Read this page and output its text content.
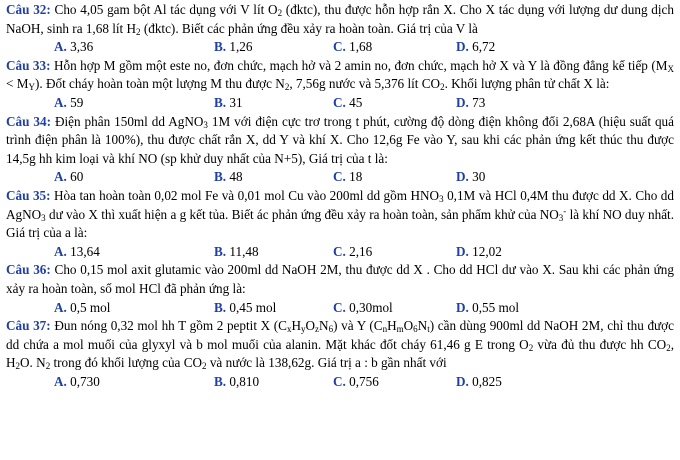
Câu 32: Cho 4,05 gam bột Al tác dụng với V lít $O_2$ (đktc), thu được hỗn hợp rắn X. Cho X tác dụng với lượng dư dung dịch NaOH, sinh ra 1,68 lít $H_2$ (đktc). Biết các phản ứng đều xảy ra hoàn toàn. Giá trị của V là

A. 3,36	B. 1,26	C. 1,68	D. 6,72

Câu 33: Hỗn hợp M gồm một este no, đơn chức, mạch hở và 2 amin no, đơn chức, mạch hở X và Y là đồng đẳng kế tiếp $(M_X < M_Y)$. Đốt cháy hoàn toàn một lượng M thu được $N_2$, 7,56g nước và 5,376 lít $CO_2$. Khối lượng phân tử chất X là:

A. 59	B. 31	C. 45	D. 73

Câu 34: Điện phân 150ml dd AgNO$_3$ 1M với điện cực trơ trong t phút, cường độ dòng điện không đổi 2,68A (hiệu suất quá trình điện phân là 100%), thu được chất rắn X, dd Y và khí X. Cho 12,6g Fe vào Y, sau khi các phản ứng kết thúc thu được 14,5g hh kim loại và khí NO (sp khử duy nhất của N+5), Giá trị của t là:

A. 60	B. 48	C. 18	D. 30

Câu 35: Hòa tan hoàn toàn 0,02 mol Fe và 0,01 mol Cu vào 200ml dd gồm $HNO_3$ 0,1M và HCl 0,4M thu được dd X. Cho dd AgNO$_3$ dư vào X thì xuất hiện a g kết tủa. Biết ác phản ứng đều xảy ra hoàn toàn, sản phẩm khử của $NO_3^-$ là khí NO duy nhất. Giá trị của a là:

A. 13,64	B. 11,48	C. 2,16	D. 12,02

Câu 36: Cho 0,15 mol axit glutamic vào 200ml dd NaOH 2M, thu được dd X . Cho dd HCl dư vào X. Sau khi các phản ứng xảy ra hoàn toàn, số mol HCl đã phản ứng là:

A. 0,5 mol	B. 0,45 mol	C. 0,30mol	D. 0,55 mol

Câu 37: Đun nóng 0,32 mol hh T gồm 2 peptit X $(C_xH_yO_zN_6)$ và Y $(C_nH_mO_6N_t)$ cần dùng 900ml dd NaOH 2M, chỉ thu được dd chứa a mol muối của glyxyl và b mol muối của alanin. Mặt khác đốt cháy 61,46 g E trong $O_2$ vừa đủ thu được hh $CO_2$, $H_2O$. $N_2$ trong đó khối lượng của $CO_2$ và nước là 138,62g. Giá trị a : b gần nhất với

A. 0,730	B. 0,810	C. 0,756	D. 0,825
